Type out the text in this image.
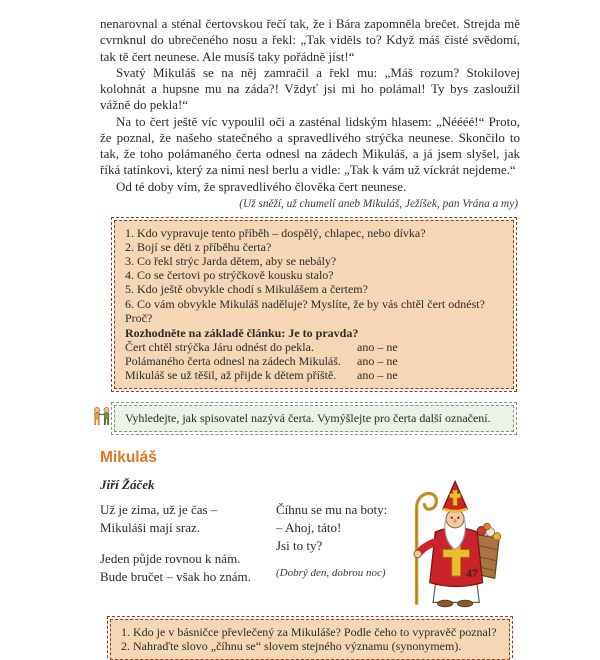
nenarovnal a sténal čertovskou řečí tak, že i Bára zapomněla brečet. Strejda mě cvrnknul do ubrečeného nosu a řekl: „Tak viděls to? Když máš čisté svědomí, tak tě čert neunese. Ale musíš taky pořádně jíst!“

Svatý Mikuláš se na něj zamračil a řekl mu: „Máš rozum? Stokilovej kolohnát a hupsne mu na záda?! Vždyť jsi mi ho polámal! Ty bys zasloužil vážně do pekla!“

Na to čert ještě víc vypoulil oči a zasténal lidským hlasem: „Néééé!“ Proto, že poznal, že našeho statečného a spravedlivého strýčka neunese. Skončilo to tak, že toho polámaného čerta odnesl na zádech Mikuláš, a já jsem slyšel, jak říká tatínkovi, který za nimi nesl berlu a vidle: „Tak k vám už víckrát nejdeme.“

Od té doby vím, že spravedlivého člověka čert neunese.

(Už sněží, už chumelí aneb Mikuláš, Ježíšek, pan Vrána a my)
1. Kdo vypravuje tento příběh – dospělý, chlapec, nebo dívka?
2. Bojí se děti z příběhu čerta?
3. Co řekl strýc Jarda dětem, aby se nebály?
4. Co se čertovi po strýčkově kousku stalo?
5. Kdo ještě obvykle chodí s Mikulášem a čertem?
6. Co vám obvykle Mikuláš naděluje? Myslíte, že by vás chtěl čert odnést? Proč?
Rozhodněte na základě článku: Je to pravda?
Čert chtěl strýčka Járu odnést do pekla.	ano – ne
Polámaného čerta odnesl na zádech Mikuláš.	ano – ne
Mikuláš se už těšil, až přijde k dětem příště.	ano – ne
Vyhledejte, jak spisovatel nazývá čerta. Vymýšlejte pro čerta další označení.
Mikuláš
Jiří Žáček
Už je zima, už je čas –
Mikuláši mají sraz.
Jeden půjde rovnou k nám.
Bude bručet – však ho znám.
Číhnu se mu na boty:
– Ahoj, táto!
Jsi to ty?
(Dobrý den, dobrou noc)
1. Kdo je v básničce převlečený za Mikuláše? Podle čeho to vypravěč poznal?
2. Nahraďte slovo „číhnu se“ slovem stejného významu (synonymem).
47
